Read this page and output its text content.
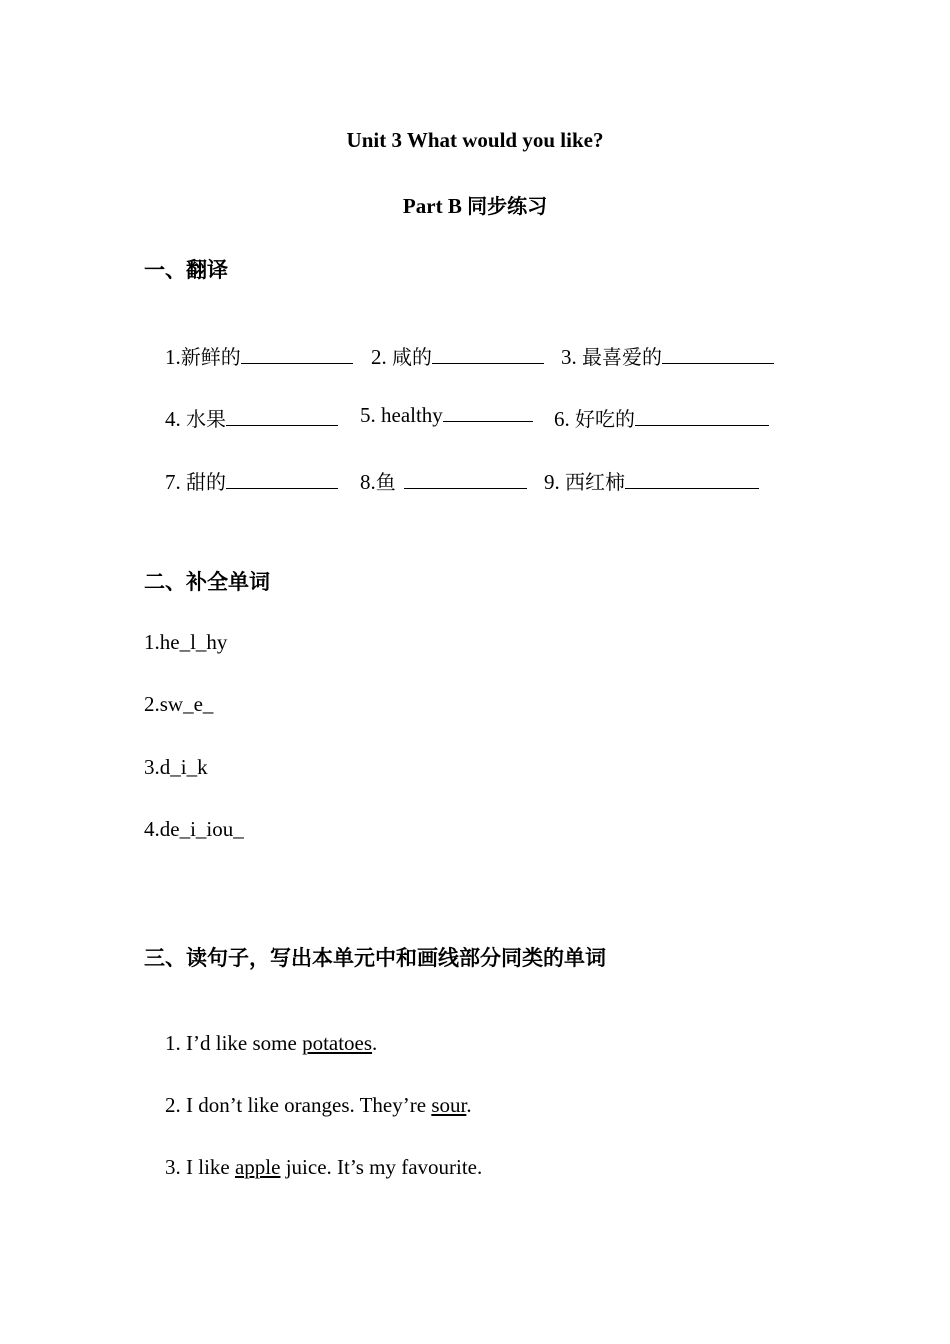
Unit 3 What would you like?
Part B 同步练习
一、翻译

1.新鲜的
	2. 咸的
	3. 最喜爱的

4. 水果
	5. healthy
	6. 好吃的

7. 甜的
	8.鱼
	9. 西红柿

二、补全单词
1.he_l_hy
2.sw_e_
3.d_i_k
4.de_i_iou_
三、读句子，写出本单元中和画线部分同类的单词

1. I’d like some potatoes.

2. I don’t like oranges. They’re sour.

3. I like apple juice. It’s my favourite.
